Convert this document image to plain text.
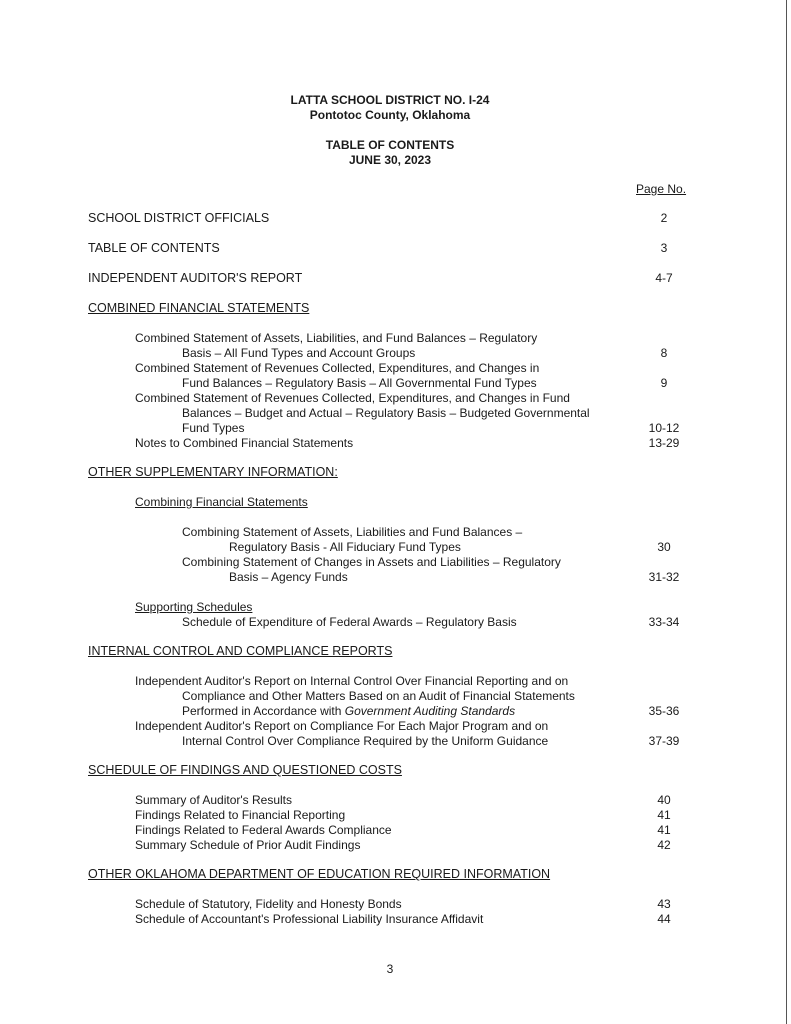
LATTA SCHOOL DISTRICT NO. I-24
Pontotoc County, Oklahoma
TABLE OF CONTENTS
JUNE 30, 2023
Page No.
SCHOOL DISTRICT OFFICIALS	2
TABLE OF CONTENTS	3
INDEPENDENT AUDITOR'S REPORT	4-7
COMBINED FINANCIAL STATEMENTS
Combined Statement of Assets, Liabilities, and Fund Balances – Regulatory
Basis – All Fund Types and Account Groups	8
Combined Statement of Revenues Collected, Expenditures, and Changes in
Fund Balances – Regulatory Basis – All Governmental Fund Types	9
Combined Statement of Revenues Collected, Expenditures, and Changes in Fund
Balances – Budget and Actual – Regulatory Basis – Budgeted Governmental
Fund Types	10-12
Notes to Combined Financial Statements	13-29
OTHER SUPPLEMENTARY INFORMATION:
Combining Financial Statements
Combining Statement of Assets, Liabilities and Fund Balances –
Regulatory Basis - All Fiduciary Fund Types	30
Combining Statement of Changes in Assets and Liabilities – Regulatory
Basis – Agency Funds	31-32
Supporting Schedules
Schedule of Expenditure of Federal Awards – Regulatory Basis	33-34
INTERNAL CONTROL AND COMPLIANCE REPORTS
Independent Auditor's Report on Internal Control Over Financial Reporting and on
Compliance and Other Matters Based on an Audit of Financial Statements
Performed in Accordance with Government Auditing Standards	35-36
Independent Auditor's Report on Compliance For Each Major Program and on
Internal Control Over Compliance Required by the Uniform Guidance	37-39
SCHEDULE OF FINDINGS AND QUESTIONED COSTS
Summary of Auditor's Results	40
Findings Related to Financial Reporting	41
Findings Related to Federal Awards Compliance	41
Summary Schedule of Prior Audit Findings	42
OTHER OKLAHOMA DEPARTMENT OF EDUCATION REQUIRED INFORMATION
Schedule of Statutory, Fidelity and Honesty Bonds	43
Schedule of Accountant's Professional Liability Insurance Affidavit	44
3
